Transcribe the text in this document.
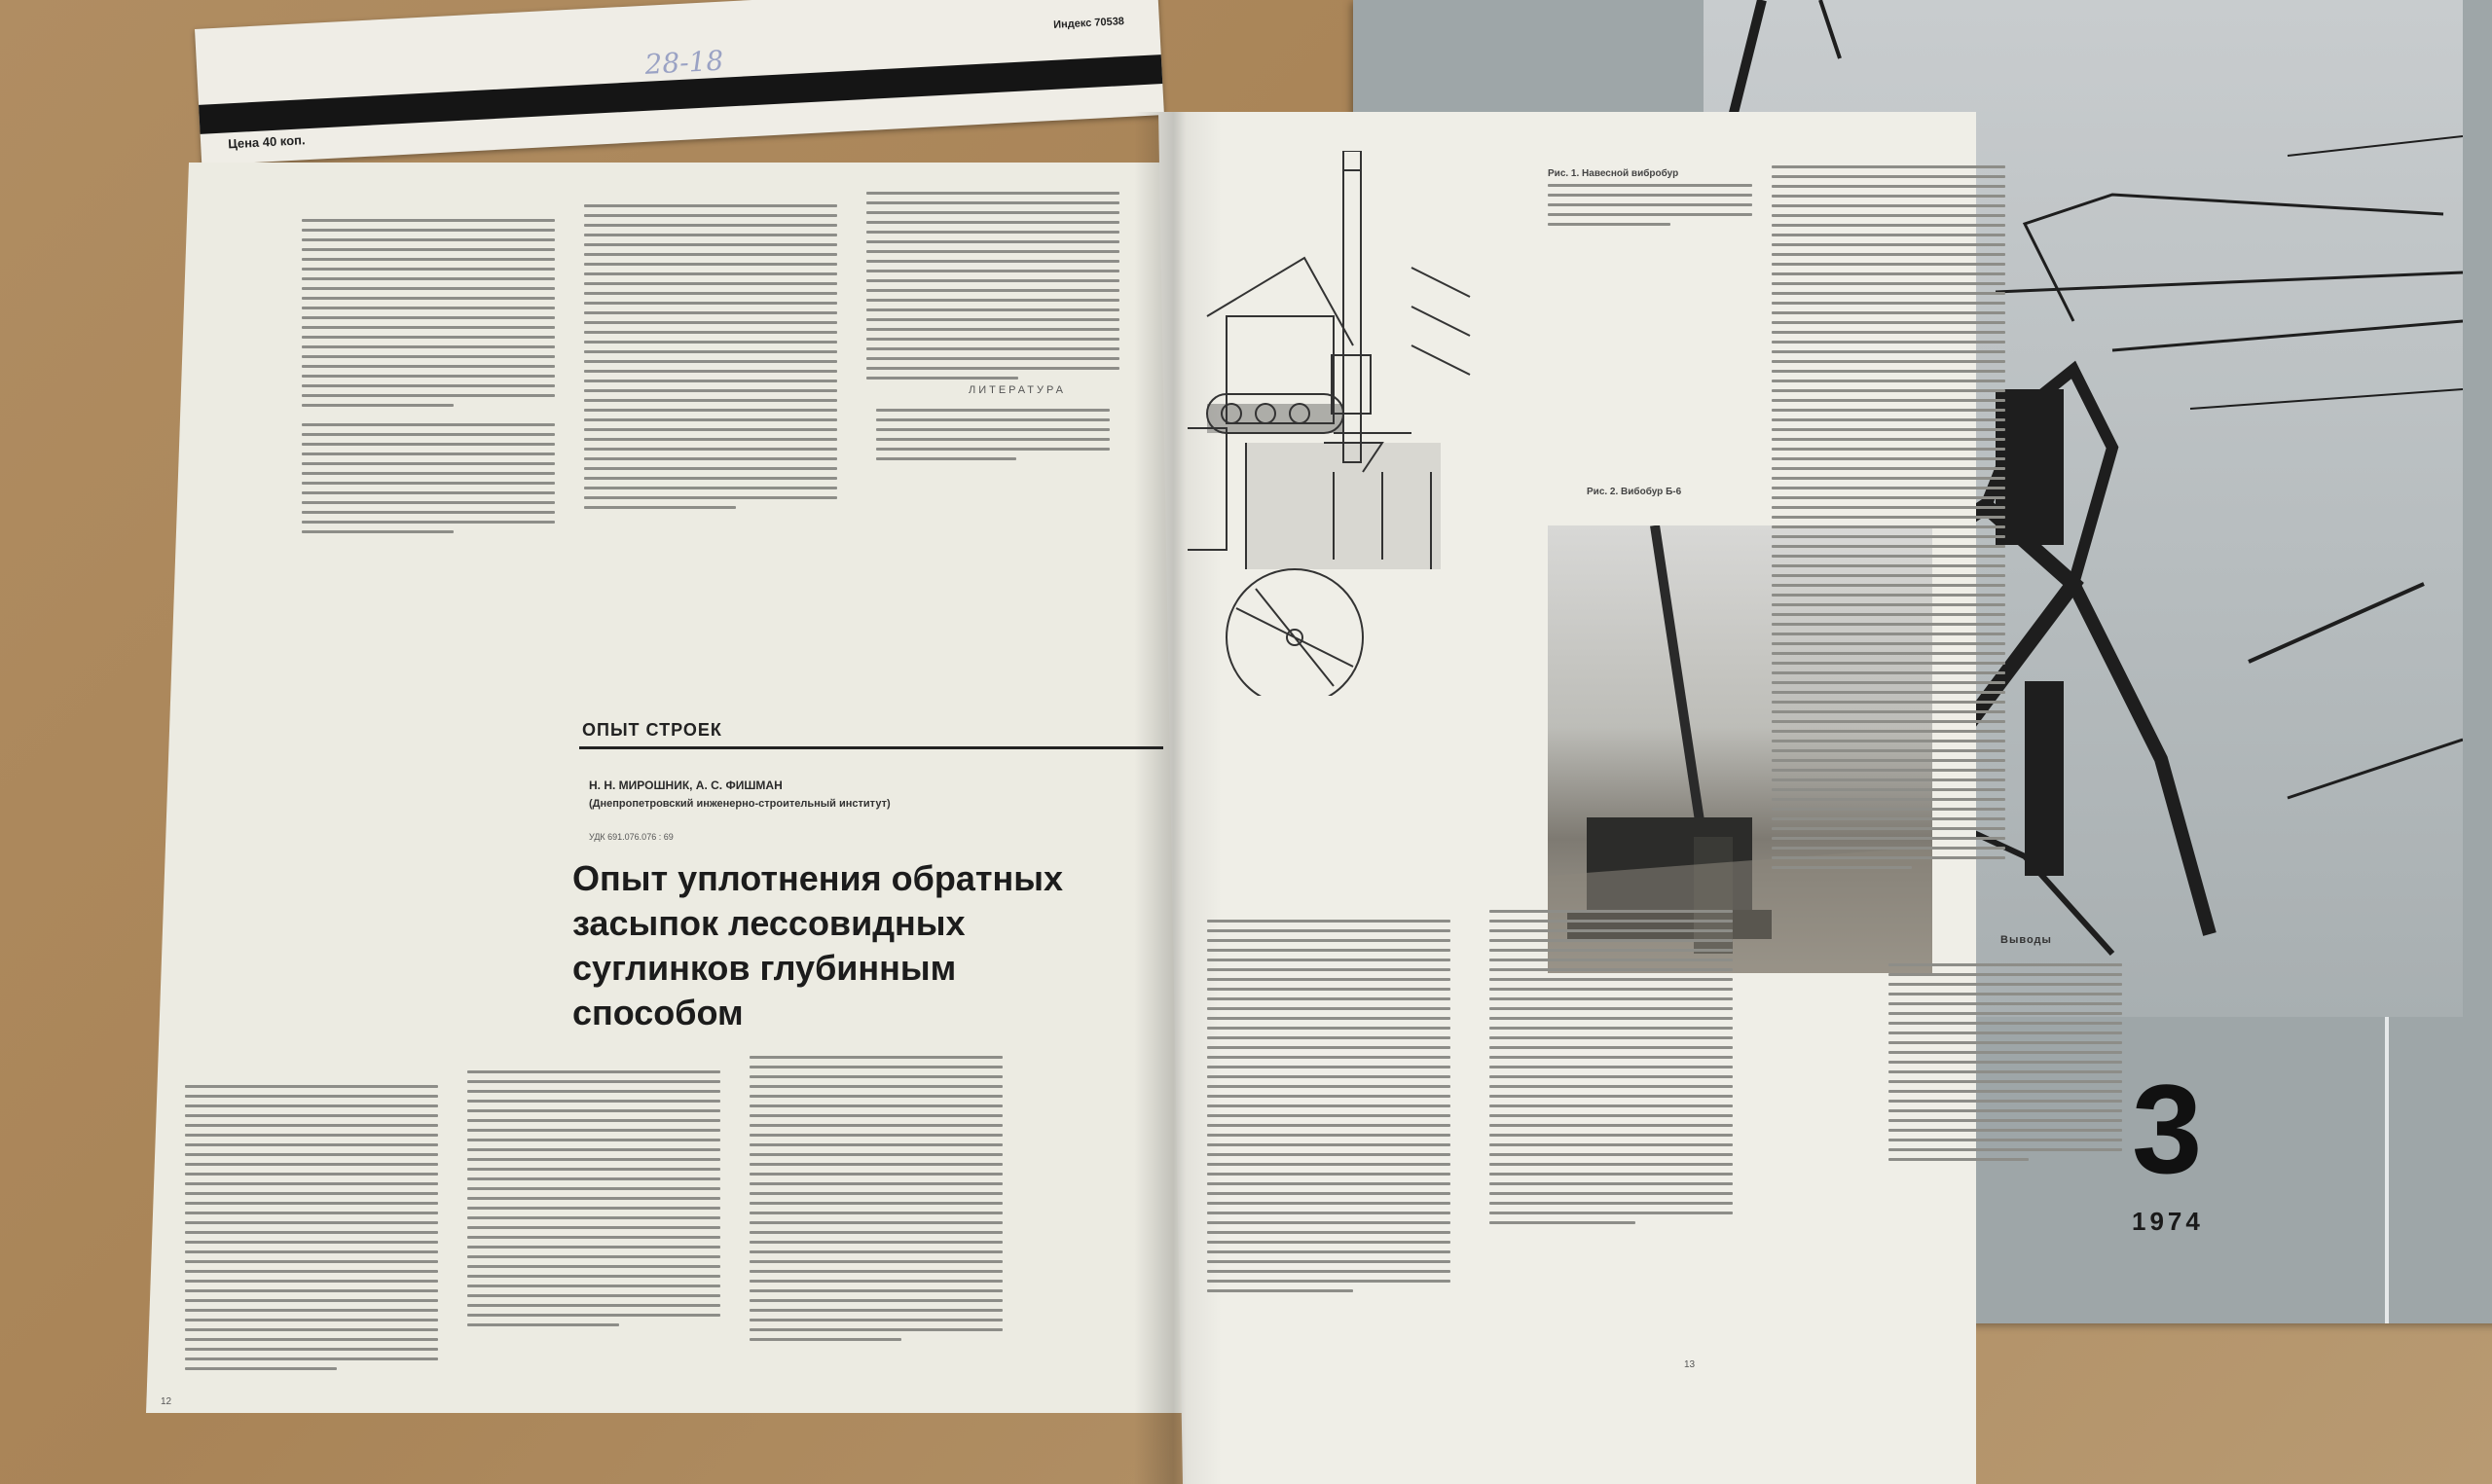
Цена 40 коп.
Индекс 70538
28-18
3
1974
ЛИТЕРАТУРА
ОПЫТ СТРОЕК
Н. Н. МИРОШНИК, А. С. ФИШМАН
(Днепропетровский инженерно-строительный институт)
УДК 691.076.076 : 69
Опыт уплотнения обратных засыпок лессовидных суглинков глубинным способом
12
Рис. 1. Навесной вибробур
Рис. 2. Вибобур Б-6
Выводы
13
